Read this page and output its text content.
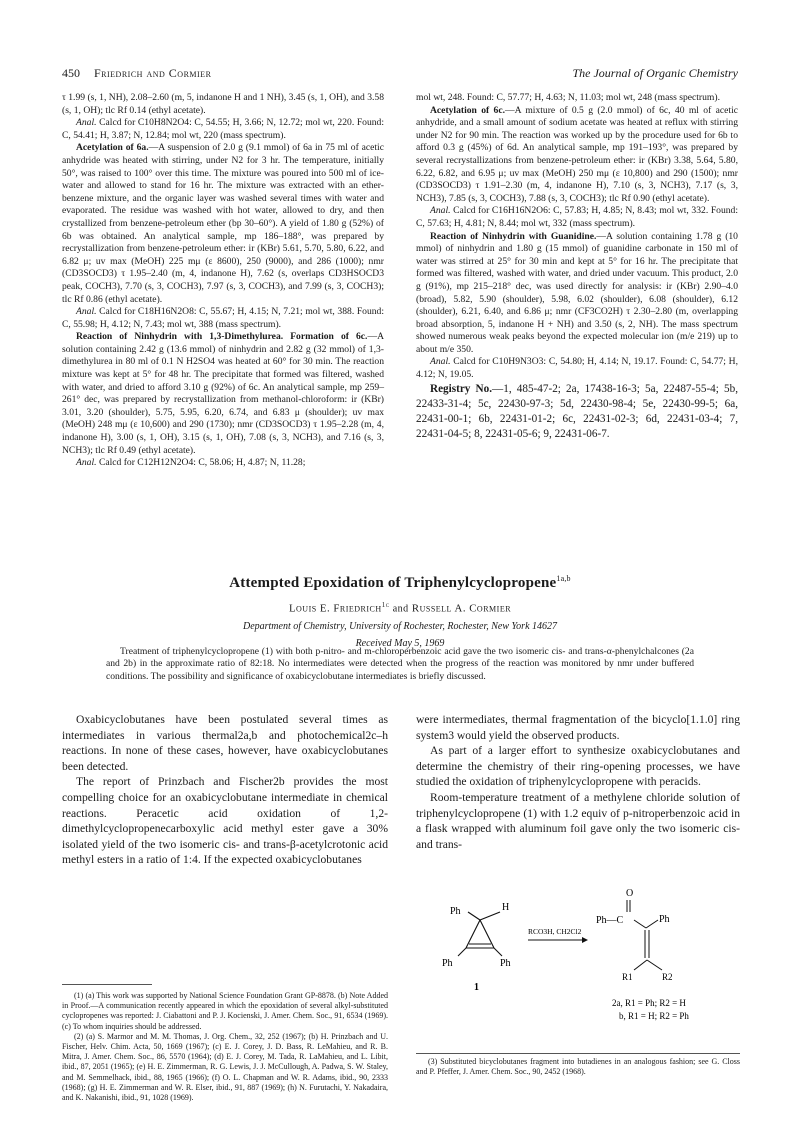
450 Friedrich and Cormier	The Journal of Organic Chemistry

τ 1.99 (s, 1, NH), 2.08–2.60 (m, 5, indanone H and 1 NH), 3.45 (s, 1, OH), and 3.58 (s, 1, OH); tlc Rf 0.14 (ethyl acetate).

Anal. Calcd for C10H8N2O4: C, 54.55; H, 3.66; N, 12.72; mol wt, 220. Found: C, 54.41; H, 3.87; N, 12.84; mol wt, 220 (mass spectrum).

Acetylation of 6a.—A suspension of 2.0 g (9.1 mmol) of 6a in 75 ml of acetic anhydride was heated with stirring, under N2 for 3 hr. The temperature, initially 50°, was raised to 100° over this time. The mixture was poured into 500 ml of ice-water and allowed to stand for 16 hr. The mixture was extracted with an ether-benzene mixture, and the organic layer was washed several times with water and evaporated. The residue was washed with hot water, allowed to dry, and then crystallized from benzene-petroleum ether (bp 30–60°). A yield of 1.80 g (52%) of 6b was obtained. An analytical sample, mp 186–188°, was prepared by recrystallization from benzene-petroleum ether: ir (KBr) 5.61, 5.70, 5.80, 6.22, and 6.82 μ; uv max (MeOH) 225 mμ (ε 8600), 250 (9000), and 286 (1000); nmr (CD3SOCD3) τ 1.95–2.40 (m, 4, indanone H), 7.62 (s, overlaps CD3HSOCD3 peak, COCH3), 7.70 (s, 3, COCH3), 7.97 (s, 3, COCH3), and 7.99 (s, 3, COCH3); tlc Rf 0.86 (ethyl acetate).

Anal. Calcd for C18H16N2O8: C, 55.67; H, 4.15; N, 7.21; mol wt, 388. Found: C, 55.98; H, 4.12; N, 7.43; mol wt, 388 (mass spectrum).

Reaction of Ninhydrin with 1,3-Dimethylurea. Formation of 6c.—A solution containing 2.42 g (13.6 mmol) of ninhydrin and 2.82 g (32 mmol) of 1,3-dimethylurea in 80 ml of 0.1 N H2SO4 was heated at 60° for 30 min. The reaction mixture was kept at 5° for 48 hr. The precipitate that formed was filtered, washed with water, and dried to afford 3.10 g (92%) of 6c. An analytical sample, mp 259–261° dec, was prepared by recrystallization from methanol-chloroform: ir (KBr) 3.01, 3.20 (shoulder), 5.75, 5.95, 6.20, 6.74, and 6.83 μ (shoulder); uv max (MeOH) 248 mμ (ε 10,600) and 290 (1730); nmr (CD3SOCD3) τ 1.95–2.28 (m, 4, indanone H), 3.00 (s, 1, OH), 3.15 (s, 1, OH), 7.08 (s, 3, NCH3), and 7.16 (s, 3, NCH3); tlc Rf 0.49 (ethyl acetate).

Anal. Calcd for C12H12N2O4: C, 58.06; H, 4.87; N, 11.28;

mol wt, 248. Found: C, 57.77; H, 4.63; N, 11.03; mol wt, 248 (mass spectrum).

Acetylation of 6c.—A mixture of 0.5 g (2.0 mmol) of 6c, 40 ml of acetic anhydride, and a small amount of sodium acetate was heated at reflux with stirring under N2 for 90 min. The reaction was worked up by the procedure used for 6b to afford 0.3 g (45%) of 6d. An analytical sample, mp 191–193°, was prepared by several recrystallizations from benzene-petroleum ether: ir (KBr) 3.38, 5.64, 5.80, 6.22, 6.82, and 6.95 μ; uv max (MeOH) 250 mμ (ε 10,800) and 290 (1500); nmr (CD3SOCD3) τ 1.91–2.30 (m, 4, indanone H), 7.10 (s, 3, NCH3), 7.17 (s, 3, NCH3), 7.85 (s, 3, COCH3), 7.88 (s, 3, COCH3); tlc Rf 0.90 (ethyl acetate).

Anal. Calcd for C16H16N2O6: C, 57.83; H, 4.85; N, 8.43; mol wt, 332. Found: C, 57.63; H, 4.81; N, 8.44; mol wt, 332 (mass spectrum).

Reaction of Ninhydrin with Guanidine.—A solution containing 1.78 g (10 mmol) of ninhydrin and 1.80 g (15 mmol) of guanidine carbonate in 150 ml of water was stirred at 25° for 30 min and kept at 5° for 16 hr. The precipitate that formed was filtered, washed with water, and dried under vacuum. This product, 2.0 g (91%), mp 215–218° dec, was used directly for analysis: ir (KBr) 2.90–4.0 (broad), 5.82, 5.90 (shoulder), 5.98, 6.02 (shoulder), 6.08 (shoulder), 6.12 (shoulder), 6.21, 6.40, and 6.86 μ; nmr (CF3CO2H) τ 2.30–2.80 (m, overlapping broad absorption, 5, indanone H + NH) and 3.50 (s, 2, NH). The mass spectrum showed numerous weak peaks beyond the expected molecular ion (m/e 219) up to about m/e 350.

Anal. Calcd for C10H9N3O3: C, 54.80; H, 4.14; N, 19.17. Found: C, 54.77; H, 4.12; N, 19.05.

Registry No.—1, 485-47-2; 2a, 17438-16-3; 5a, 22487-55-4; 5b, 22433-31-4; 5c, 22430-97-3; 5d, 22430-98-4; 5e, 22430-99-5; 6a, 22431-00-1; 6b, 22431-01-2; 6c, 22431-02-3; 6d, 22431-03-4; 7, 22431-04-5; 8, 22431-05-6; 9, 22431-06-7.

Attempted Epoxidation of Triphenylcyclopropene$^{1a,b}$

Louis E. Friedrich$^{1c}$ and Russell A. Cormier
Department of Chemistry, University of Rochester, Rochester, New York 14627
Received May 5, 1969

Treatment of triphenylcyclopropene (1) with both p-nitro- and m-chloroperbenzoic acid gave the two isomeric cis- and trans-α-phenylchalcones (2a and 2b) in the approximate ratio of 82:18. No intermediates were detected when the progress of the reaction was monitored by nmr under buffered conditions. The possibility and significance of oxabicyclobutane intermediates is briefly discussed.

Oxabicyclobutanes have been postulated several times as intermediates in various thermal2a,b and photochemical2c–h reactions. In none of these cases, however, have oxabicyclobutanes been detected.

The report of Prinzbach and Fischer2b provides the most compelling choice for an oxabicyclobutane intermediate in chemical reactions. Peracetic acid oxidation of 1,2-dimethylcyclopropenecarboxylic acid methyl ester gave a 30% isolated yield of the two isomeric cis- and trans-β-acetylcrotonic acid methyl esters in a ratio of 1:4. If the expected oxabicyclobutanes

were intermediates, thermal fragmentation of the bicyclo[1.1.0] ring system3 would yield the observed products.

As part of a larger effort to synthesize oxabicyclobutanes and determine the chemistry of their ring-opening processes, we have studied the oxidation of triphenylcyclopropene with peracids.

Room-temperature treatment of a methylene chloride solution of triphenylcyclopropene (1) with 1.2 equiv of p-nitroperbenzoic acid in a flask wrapped with aluminum foil gave only the two isomeric cis- and trans-

(1) (a) This work was supported by National Science Foundation Grant GP-8878. (b) Note Added in Proof.—A communication recently appeared in which the epoxidation of several alkyl-substituted cyclopropenes was reported: J. Ciabattoni and P. J. Kocienski, J. Amer. Chem. Soc., 91, 6534 (1969). (c) To whom inquiries should be addressed.

(2) (a) S. Marmor and M. M. Thomas, J. Org. Chem., 32, 252 (1967); (b) H. Prinzbach and U. Fischer, Helv. Chim. Acta, 50, 1669 (1967); (c) E. J. Corey, J. D. Bass, R. LeMahieu, and R. B. Mitra, J. Amer. Chem. Soc., 86, 5570 (1964); (d) E. J. Corey, M. Tada, R. LaMahieu, and L. Libit, ibid., 87, 2051 (1965); (e) H. E. Zimmerman, R. G. Lewis, J. J. McCullough, A. Padwa, S. W. Staley, and M. Semmelhack, ibid., 88, 1965 (1966); (f) O. L. Chapman and W. R. Adams, ibid., 90, 2333 (1968); (g) H. E. Zimmerman and W. R. Elser, ibid., 91, 887 (1969); (h) N. Furutachi, Y. Nakadaira, and K. Nakanishi, ibid., 91, 1028 (1969).

Ph	H
Ph	Ph
1
RCO3H, CH2Cl2
Ph—C
O
Ph
R1	R2
2a, R1 = Ph; R2 = H
b, R1 = H; R2 = Ph

(3) Substituted bicyclobutanes fragment into butadienes in an analogous fashion; see G. Closs and P. Pfeffer, J. Amer. Chem. Soc., 90, 2452 (1968).
